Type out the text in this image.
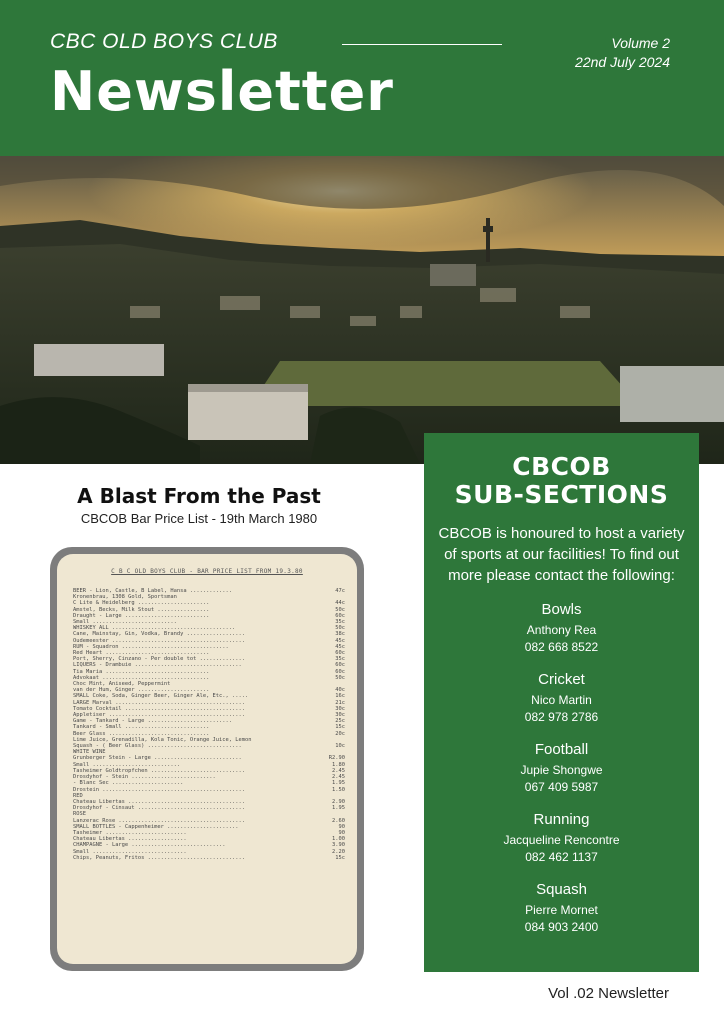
CBC OLD BOYS CLUB
Newsletter
Volume 2
22nd July 2024
A Blast From the Past
CBCOB Bar Price List - 19th March 1980
C B C OLD BOYS CLUB - BAR PRICE LIST FROM 19.3.80
BEER - Lion, Castle, B Label, Hansa .............	47c
Kronenbrau, 1308 Gold, Sportsman
C Lite & Heidelberg ......................	44c
Amstel, Becks, Milk Stout ................	50c
Draught - Large ..........................	60c
Small ..........................	35c
WHISKEY ALL ......................................	50c
Cane, Mainstay, Gin, Vodka, Brandy ..................	38c
Oudemeester .........................................	45c
RUM - Squadron .................................	45c
Red Heart ................................	60c
Port, Sherry, Cinzano - Per double tot ..............	35c
LIQUERS - Drambuie .................................	60c
Tia Maria ................................	60c
Advokaat .................................	50c
Choc Mint, Aniseed, Peppermint
van der Hum, Ginger ......................	40c
SMALL Coke, Soda, Ginger Beer, Ginger Ale, Etc., .....	16c
LARGE Marval ........................................	21c
Tomato Cocktail .....................................	30c
Appletiser ..........................................	30c
Game - Tankard - Large ..........................	25c
Tankard - Small ..........................	15c
Beer Glass ...............................	20c
Lime Juice, Grenadilla, Kola Tonic, Orange Juice, Lemon
Squash - ( Beer Glass) .............................	10c
WHITE WINE
Grunberger Stein - Large ...........................	R2.90
Small ...........................	1.80
Tasheimer Goldtropfchen .............................	2.45
Drosdyhof - Stein ..........................	2.45
- Blanc Sec ......................	1.95
Drostein ............................................	1.50
RED
Chateau Libertas ....................................	2.90
Drosdyhof - Cinsaut .................................	1.95
ROSE
Lanzerac Rose .......................................	2.60
SMALL BOTTLES - Cappenheimer ......................	90
Tasheimer .........................	90
Chateau Libertas ..................	1.00
CHAMPAGNE - Large .............................	3.90
Small .............................	2.20
Chips, Peanuts, Fritos ..............................	15c
CBCOB
SUB-SECTIONS
CBCOB is honoured to host a variety of sports at our facilities! To find out more please contact the following:
Bowls
Anthony Rea
082 668 8522
Cricket
Nico Martin
082 978 2786
Football
Jupie Shongwe
067 409 5987
Running
Jacqueline Rencontre
082 462 1137
Squash
Pierre Mornet
084 903 2400
Vol .02 Newsletter
